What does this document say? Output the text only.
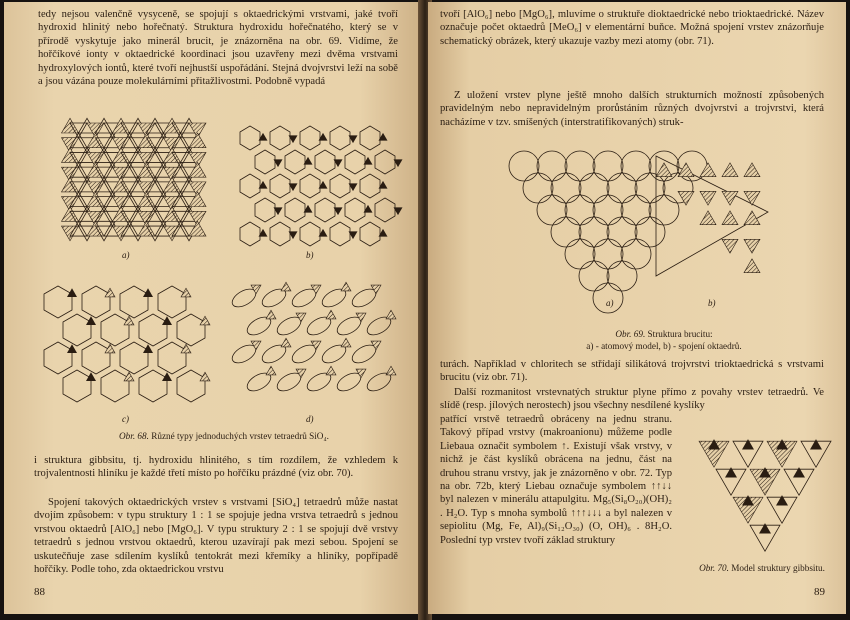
tedy nejsou valenčně vysyceně, se spojují s oktaedrickými vrstvami, jaké tvoří hydroxid hlinitý nebo hořečnatý. Struktura hydroxidu hořečnatého, který se v přírodě vyskytuje jako minerál brucit, je znázorněna na obr. 69. Vidíme, že hořčíkové ionty v oktaedrické koordinaci jsou uzavřeny mezi dvěma vrstvami hydroxylových iontů, které tvoří nejhustší uspořádání. Stejná dvojvrstvi leží na sobě a jsou vázána pouze molekulárními přitažlivostmi. Podobně vypadá
a)	b)
c)	d)
Obr. 68. Různé typy jednoduchých vrstev tetraedrů SiO₄.
i struktura gibbsitu, tj. hydroxidu hlinitého, s tím rozdílem, že vzhledem k trojvalentnosti hliníku je každé třetí místo po hořčíku prázdné (viz obr. 70).
Spojení takových oktaedrických vrstev s vrstvami [SiO₄] tetraedrů může nastat dvojím způsobem: v typu struktury 1 : 1 se spojuje jedna vrstva tetraedrů s jednou vrstvou oktaedrů [AlO₆] nebo [MgO₆]. V typu struktury 2 : 1 se spojují dvě vrstvy tetraedrů s jednou vrstvou oktaedrů, kterou uzavírají pak mezi sebou. Spojení se uskutečňuje zase sdílením kyslíků tentokrát mezi křemíky a hliníky, popřípadě hořčíky. Podle toho, zda oktaedrickou vrstvu
88
tvoří [AlO₆] nebo [MgO₆], mluvíme o struktuře dioktaedrické nebo trioktaedrické. Název označuje počet oktaedrů [MeO₆] v elementární buňce. Možná spojení vrstev znázorňuje schematický obrázek, který ukazuje vazby mezi atomy (obr. 71).
Z uložení vrstev plyne ještě mnoho dalších strukturních možností způsobených pravidelným nebo nepravidelným prorůstáním různých dvojvrstvi a trojvrstvi, která nacházíme v tzv. smíšených (interstratifikovaných) struk-
a)	b)
Obr. 69. Struktura brucitu:
a) - atomový model, b) - spojení oktaedrů.
turách. Například v chloritech se střídají silikátová trojvrstvi trioktaedrická s vrstvami brucitu (viz obr. 71).
Další rozmanitost vrstevnatých struktur plyne přímo z povahy vrstev tetraedrů. Ve slídě (resp. jílových nerostech) jsou všechny nesdílené kyslíky
patřící vrstvě tetraedrů obráceny na jednu stranu. Takový případ vrstvy (makroanionu) můžeme podle Liebaua označit symbolem ↑. Existují však vrstvy, v nichž je část kyslíků obrácena na jednu, část na druhou stranu vrstvy, jak je znázorněno v obr. 72. Typ na obr. 72b, který Liebau označuje symbolem ↑↑↓↓ byl nalezen v minerálu attapulgitu. Mg₅(Si₈O₂₀)(OH)₂ . H₂O. Typ s mnoha symbolů ↑↑↑↓↓↓ a byl nalezen v sepiolitu (Mg, Fe, Al)₉(Si₁₂O₃₀) (O, OH)₆ . 8H₂O. Poslední typ vrstev tvoří základ struktury
Obr. 70. Model struktury gibbsitu.
89
